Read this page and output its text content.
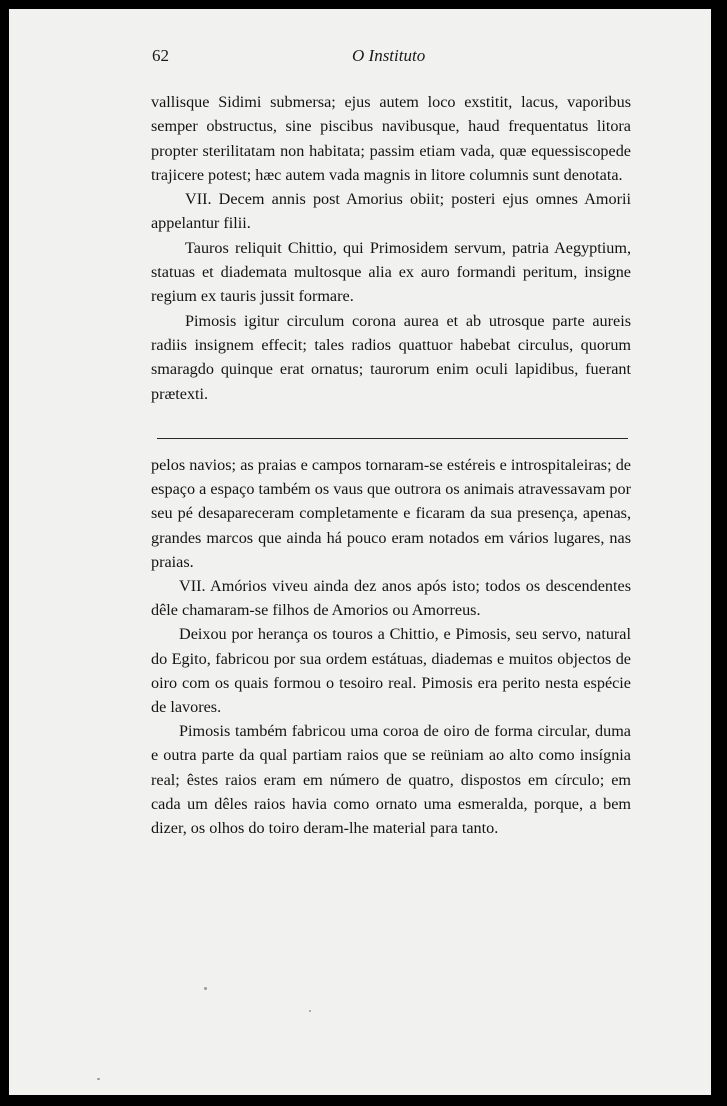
62	O Instituto

vallisque Sidimi submersa; ejus autem loco exstitit, lacus, vaporibus semper obstructus, sine piscibus navibusque, haud frequentatus litora propter sterilitatam non habitata; passim etiam vada, quæ equessiscopede trajicere potest; hæc autem vada magnis in litore columnis sunt denotata.

VII. Decem annis post Amorius obiit; posteri ejus omnes Amorii appelantur filii.

Tauros reliquit Chittio, qui Primosidem servum, patria Aegyptium, statuas et diademata multosque alia ex auro formandi peritum, insigne regium ex tauris jussit formare.

Pimosis igitur circulum corona aurea et ab utrosque parte aureis radiis insignem effecit; tales radios quattuor habebat circulus, quorum smaragdo quinque erat ornatus; taurorum enim oculi lapidibus, fuerant prætexti.

pelos navios; as praias e campos tornaram-se estéreis e introspitaleiras; de espaço a espaço também os vaus que outrora os animais atravessavam por seu pé desapareceram completamente e ficaram da sua presença, apenas, grandes marcos que ainda há pouco eram notados em vários lugares, nas praias.

VII. Amórios viveu ainda dez anos após isto; todos os descendentes dêle chamaram-se filhos de Amorios ou Amorreus.

Deixou por herança os touros a Chittio, e Pimosis, seu servo, natural do Egito, fabricou por sua ordem estátuas, diademas e muitos objectos de oiro com os quais formou o tesoiro real. Pimosis era perito nesta espécie de lavores.

Pimosis também fabricou uma coroa de oiro de forma circular, duma e outra parte da qual partiam raios que se reüniam ao alto como insígnia real; êstes raios eram em número de quatro, dispostos em círculo; em cada um dêles raios havia como ornato uma esmeralda, porque, a bem dizer, os olhos do toiro deram-lhe material para tanto.
